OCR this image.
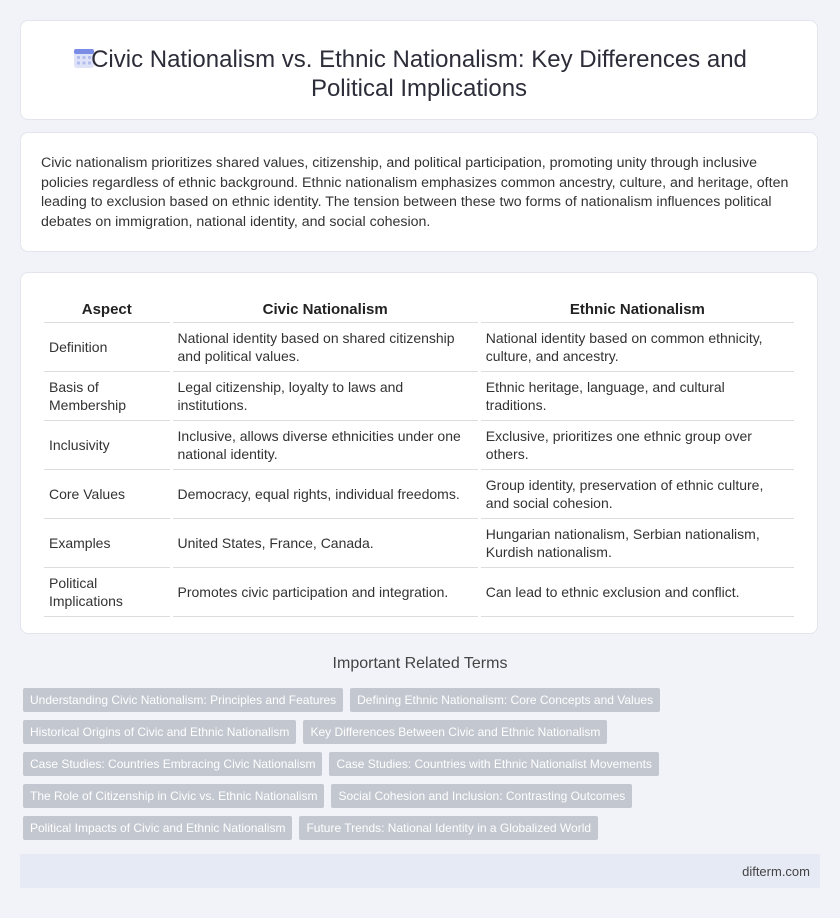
Civic Nationalism vs. Ethnic Nationalism: Key Differences and Political Implications
Civic nationalism prioritizes shared values, citizenship, and political participation, promoting unity through inclusive policies regardless of ethnic background. Ethnic nationalism emphasizes common ancestry, culture, and heritage, often leading to exclusion based on ethnic identity. The tension between these two forms of nationalism influences political debates on immigration, national identity, and social cohesion.
Aspect	Civic Nationalism	Ethnic Nationalism
Definition	National identity based on shared citizenship and political values.	National identity based on common ethnicity, culture, and ancestry.
Basis of Membership	Legal citizenship, loyalty to laws and institutions.	Ethnic heritage, language, and cultural traditions.
Inclusivity	Inclusive, allows diverse ethnicities under one national identity.	Exclusive, prioritizes one ethnic group over others.
Core Values	Democracy, equal rights, individual freedoms.	Group identity, preservation of ethnic culture, and social cohesion.
Examples	United States, France, Canada.	Hungarian nationalism, Serbian nationalism, Kurdish nationalism.
Political Implications	Promotes civic participation and integration.	Can lead to ethnic exclusion and conflict.
Important Related Terms
Understanding Civic Nationalism: Principles and Features Defining Ethnic Nationalism: Core Concepts and Values
Historical Origins of Civic and Ethnic Nationalism Key Differences Between Civic and Ethnic Nationalism
Case Studies: Countries Embracing Civic Nationalism Case Studies: Countries with Ethnic Nationalist Movements
The Role of Citizenship in Civic vs. Ethnic Nationalism Social Cohesion and Inclusion: Contrasting Outcomes
Political Impacts of Civic and Ethnic Nationalism Future Trends: National Identity in a Globalized World
difterm.com
